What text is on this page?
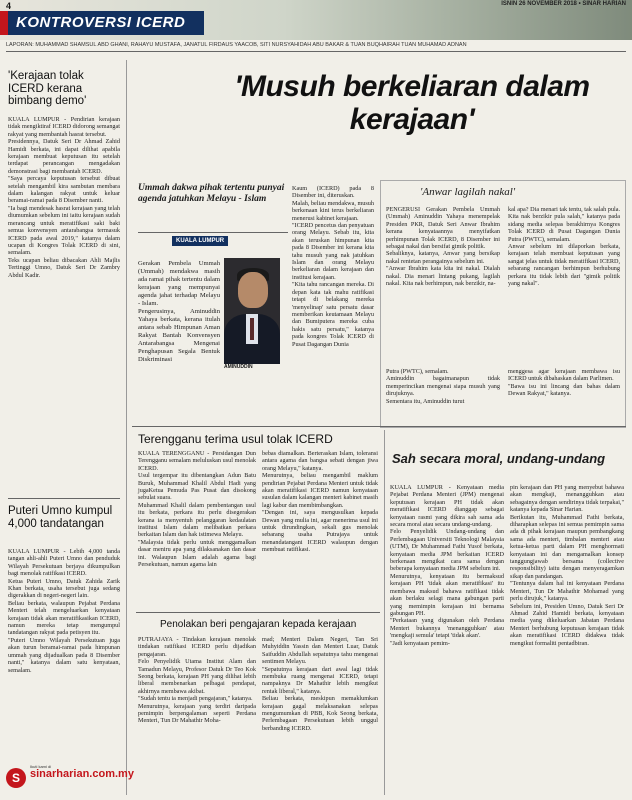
4	ISNIN 26 NOVEMBER 2018 • SINAR HARIAN
KONTROVERSI ICERD
LAPORAN: MUHAMMAD SHAMSUL ABD GHANI, RAHAYU MUSTAFA, JANATUL FIRDAUS YAACOB, SITI NURSYAHIDAH ABU BAKAR & TUAN BUQHAIRAH TUAN MUHAMAD ADNAN
'Kerajaan tolak ICERD kerana bimbang demo'
KUALA LUMPUR - Pendirian kerajaan tidak mengiktiraf ICERD didorong semangat rakyat yang membantah hasrat tersebut.
Presidennya, Datuk Seri Dr Ahmad Zahid Hamidi berkata, ini dapat dilihat apabila kerajaan membuat keputusan itu setelah terdapat perancangan mengadakan demonstrasi bagi membantah ICERD.
"Saya percaya keputusan tersebut dibuat setelah mengambil kira sambutan membara dalam kalangan rakyat untuk keluar beramai-ramai pada 8 Disember nanti.
"Ia bagi mendesak hasrat kerajaan yang telah diumumkan sebelum ini iaitu kerajaan sudah merancang untuk meratifikasi saki baki semua konvensyen antarabangsa termasuk ICERD pada awal 2019," katanya dalam ucapan di Kongres Tolak ICERD di sini, semalam.
Teks ucapan beliau dibacakan Ahli Majlis Tertinggi Umno, Datuk Seri Dr Zambry Abdul Kadir.
Puteri Umno kumpul 4,000 tandatangan
KUALA LUMPUR - Lebih 4,000 tanda tangan ahli-ahli Puteri Umno dan penduduk Wilayah Persekutuan berjaya dikumpulkan bagi menolak ratifikasi ICERD.
Ketua Puteri Umno, Datuk Zahida Zarik Khan berkata, usaha tersebut juga sedang digerakkan di negeri-negeri lain.
Beliau berkata, walaupun Pejabat Perdana Menteri telah mengeluarkan kenyataan kerajaan tidak akan meratifikasikan ICERD, namun mereka tetap mengumpul tandatangan rakyat pada petisyen itu.
"Puteri Umno Wilayah Persekutuan juga akan turun beramai-ramai pada himpunan ummah yang dijadualkan pada 8 Disember nanti," katanya dalam satu kenyataan, semalam.
S
Ikuti kami di
sinarharian.com.my
'Musuh berkeliaran dalam kerajaan'
Ummah dakwa pihak tertentu punyai agenda jatuhkan Melayu - Islam
KUALA LUMPUR
Gerakan Pembela Ummah (Ummah) mendakwa masih ada ramai pihak tertentu dalam kerajaan yang mempunyai agenda jahat terhadap Melayu - Islam.
Pengerusinya, Aminuddin Yahaya berkata, kerana itulah antara sebab Himpunan Aman Rakyat Bantah Konvensyen Antarabangsa Mengenai Penghapusan Segala Bentuk Diskriminasi
AMINUDDIN
Kaum (ICERD) pada 8 Disember ini, diteruskan.
Malah, beliau mendakwa, musuh berkenaan kini terus berkeliaran menerusi kabinet kerajaan.
"ICERD pencetus dan penyatuan orang Melayu. Sebab itu, kita akan teruskan himpunan kita pada 8 Disember ini kerana kita tahu musuh yang nak jatuhkan Islam dan orang Melayu berkeliaran dalam kerajaan dan institusi kerajaan.
"Kita tahu rancangan mereka. Di depan kata tak mahu ratifikasi tetapi di belakang mereka 'menyelinap' satu persatu dasar memberikan keutamaan Melayu dan Bumiputera mereka cuba hakis satu persatu," katanya pada kongres Tolak ICERD di Pusat Dagangan Dunia
'Anwar lagilah nakal'
PENGERUSI Gerakan Pembela Ummah (Ummah) Aminuddin Yahaya menempelak Presiden PKR, Datuk Seri Anwar Ibrahim kerana kenyataannya menyifatkan perhimpunan Tolak ICERD, 8 Disember ini sebagai nakal dan bersifat gimik politik.
Sebaliknya, katanya, Anwar yang bersikap nakal rentetan perangainya sebelum ini.
"Anwar Ibrahim kata kita ini nakal. Dialah nakal. Dia menari lintang pukang, lagilah nakal. Kita nak berhimpun, nak berzikir, na-
kal apa? Dia menari tak tentu, tak salah pula. Kita nak berzikir pula salah," katanya pada sidang media selepas berakhirnya Kongres Tolak ICERD di Pusat Dagangan Dunia Putra (PWTC), semalam.
Anwar sebelum ini dilaporkan berkata, kerajaan telah membuat keputusan yang sangat jelas untuk tidak meratifikasi ICERD, sebarang rancangan berhimpun berhubung perkara itu tidak lebih dari "gimik politik yang nakal".
Putra (PWTC), semalam.
Aminuddin bagaimanapun tidak memperincikan mengenai siapa musuh yang dirujuknya.
Sementara itu, Aminuddin turut
menggesa agar kerajaan membawa isu ICERD untuk dibahaskan dalam Parlimen.
"Bawa isu ini lincang dan bahas dalam Dewan Rakyat," katanya.
Terengganu terima usul tolak ICERD
KUALA TERENGGANU - Persidangan Dun Terengganu semalam meluluskan usul menolak ICERD.
Usul tergempar itu dibentangkan Adun Batu Buruk, Muhammad Khalil Abdul Hadi yang jugaKetua Pemuda Pas Pusat dan disokong sebulat suara.
Muhammad Khalil dalam pembentangan usul itu berkata, perkara itu perlu disegerakan kerana ia menyentuh pelanggaran kedaulatan institusi Islam dalam melibatkan perkara berkaitan Islam dan hak istimewa Melayu.
"Malaysia tidak perlu untuk menggamalkan dasar meniru apa yang dilaksanakan dan dasar ini. Walaupun Islam adalah agama bagi Persekutuan, namun agama lain
bebas diamalkan. Berteraskan Islam, toleransi antara agama dan bangsa sebati dengan jiwa orang Melayu," katanya.
Menurutnya, beliau mengambil maklum pendirian Pejabat Perdana Menteri untuk tidak akan meratifikasi ICERD namun kenyataan susulan dalam kalangan menteri kabinet masih lagi kabur dan membimbangkan.
"Dengan ini, saya mengusulkan kepada Dewan yang mulia ini, agar menerima usul ini untuk dirundingkan, sekali gus menolak sebarang usaha Putrajaya untuk menandatangani ICERD walaupun dengan membuat ratifikasi.
Penolakan beri pengajaran kepada kerajaan
PUTRAJAYA - Tindakan kerajaan menolak tindakan ratifikasi ICERD perlu dijadikan pengajaran.
Felo Penyelidik Utama Institut Alam dan Tamadun Melayu, Profesor Datuk Dr Teo Kok Seong berkata, kerajaan PH yang dilihat lebih liberal membenarkan pelbagai pendapat, akhirnya membawa akibat.
"Sudah tentu ia menjadi pengajaran," katanya.
Menurutnya, kerajaan yang terdiri daripada pemimpin berpengalaman seperti Perdana Menteri, Tun Dr Mahathir Moha-
mad; Menteri Dalam Negeri, Tan Sri Muhyiddin Yassin dan Menteri Luar, Datuk Saifuddin Abdullah sepatutnya tahu mengenai sentimen Melayu.
"Sepatutnya kerajaan dari awal lagi tidak membuka ruang mengenai ICERD, tetapi nampaknya Dr Mahathir lebih mengikut rentak liberal," katanya.
Beliau berkata, meskipun memaklumkan kerajaan gagal melaksanakan selepas mengumumkan di PBB, Kok Seong berkata, Perlembagaan Persekutuan lebih unggul berbanding ICERD.
Sah secara moral, undang-undang
KUALA LUMPUR - Kenyataan media Pejabat Perdana Menteri (JPM) mengenai keputusan kerajaan PH tidak akan meratifikasi ICERD dianggap sebagai kenyataan rasmi yang dikira sah sama ada secara moral atau secara undang-undang.
Felo Penyelidik Undang-undang dan Perlembagaan Universiti Teknologi Malaysia (UTM), Dr Muhammad Fathi Yusof berkata, kenyataan media JPM berkaitan ICERD berkenaan mengikat cara sama dengan beberapa kenyataan media JPM sebelum ini.
Menurutnya, kenyataan itu bermaksud kerajaan PH 'tidak akan meratifikasi' itu membawa maksud bahawa ratifikasi tidak akan berlaku selagi mana gabungan parti yang memimpin kerajaan ini bernama gabungan PH.
"Perkataan yang digunakan oleh Perdana Menteri bukannya 'menangguhkan' atau 'mengkaji semula' tetapi 'tidak akan'.
"Jadi kenyataan pemim-
pin kerajaan dan PH yang menyebut bahawa akan mengkaji, menangguhkan atau sebagainya dengan sendirinya tidak terpakai," katanya kepada Sinar Harian.
Berikutan itu, Muhammad Fathi berkata, diharapkan selepas ini semua pemimpin sama ada di pihak kerajaan maupun pembangkang sama ada menteri, timbalan menteri atau ketua-ketua parti dalam PH menghormati kenyataan ini dan mengamalkan konsep tanggungjawab bersama (collective responsibility) iaitu dengan menyeragamkan sikap dan pandangan.
"Tentunya dalam hal ini kenyataan Perdana Menteri, Tun Dr Mahathir Mohamad yang perlu dirujuk," katanya.
Sebelum ini, Presiden Umno, Datuk Seri Dr Ahmad Zahid Hamidi berkata, kenyataan media yang dikeluarkan Jabatan Perdana Menteri berhubung keputusan kerajaan tidak akan meratifikasi ICERD didakwa tidak mengikut formaliti pentadbiran.
